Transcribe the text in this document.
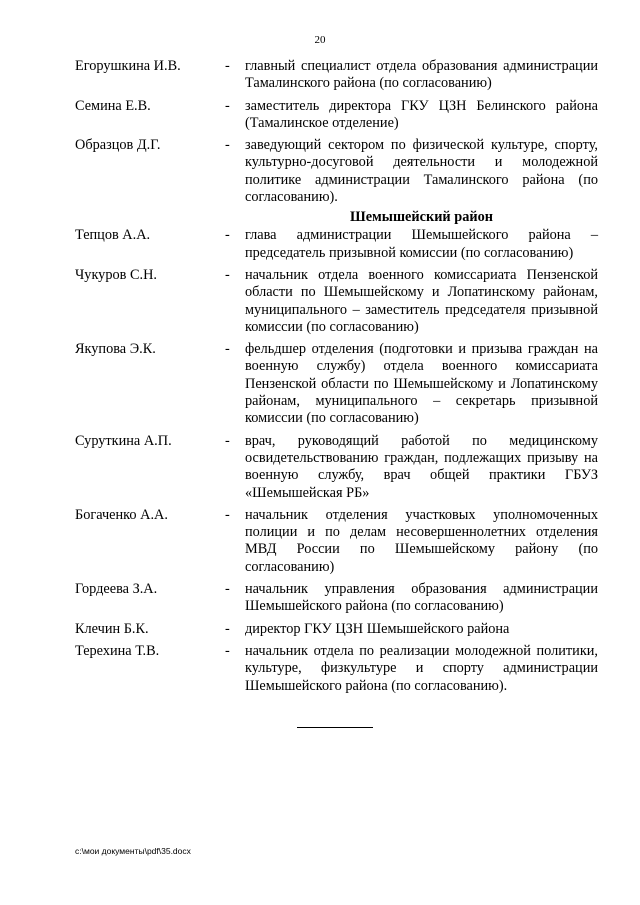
20
Егорушкина И.В.	-	главный специалист отдела образования администрации Тамалинского района (по согласованию)
Семина Е.В.	-	заместитель директора ГКУ ЦЗН Белинского района (Тамалинское отделение)
Образцов Д.Г.	-	заведующий сектором по физической культуре, спорту, культурно-досуговой деятельности и молодежной политике администрации Тамалинского района (по согласованию).
Шемышейский район
Тепцов А.А.	-	глава администрации Шемышейского района – председатель призывной комиссии (по согласованию)
Чукуров С.Н.	-	начальник отдела военного комиссариата Пензенской области по Шемышейскому и Лопатинскому районам, муниципального – заместитель председателя призывной комиссии (по согласованию)
Якупова Э.К.	-	фельдшер отделения (подготовки и призыва граждан на военную службу) отдела военного комиссариата Пензенской области по Шемышейскому и Лопатинскому районам, муниципального – секретарь призывной комиссии (по согласованию)
Суруткина А.П.	-	врач, руководящий работой по медицинскому освидетельствованию граждан, подлежащих призыву на военную службу, врач общей практики ГБУЗ «Шемышейская РБ»
Богаченко А.А.	-	начальник отделения участковых уполномоченных полиции и по делам несовершеннолетних отделения МВД России по Шемышейскому району (по согласованию)
Гордеева З.А.	-	начальник управления образования администрации Шемышейского района (по согласованию)
Клечин Б.К.	-	директор ГКУ ЦЗН Шемышейского района
Терехина Т.В.	-	начальник отдела по реализации молодежной политики, культуре, физкультуре и спорту администрации Шемышейского района (по согласованию).
c:\мои документы\pdf\35.docx
